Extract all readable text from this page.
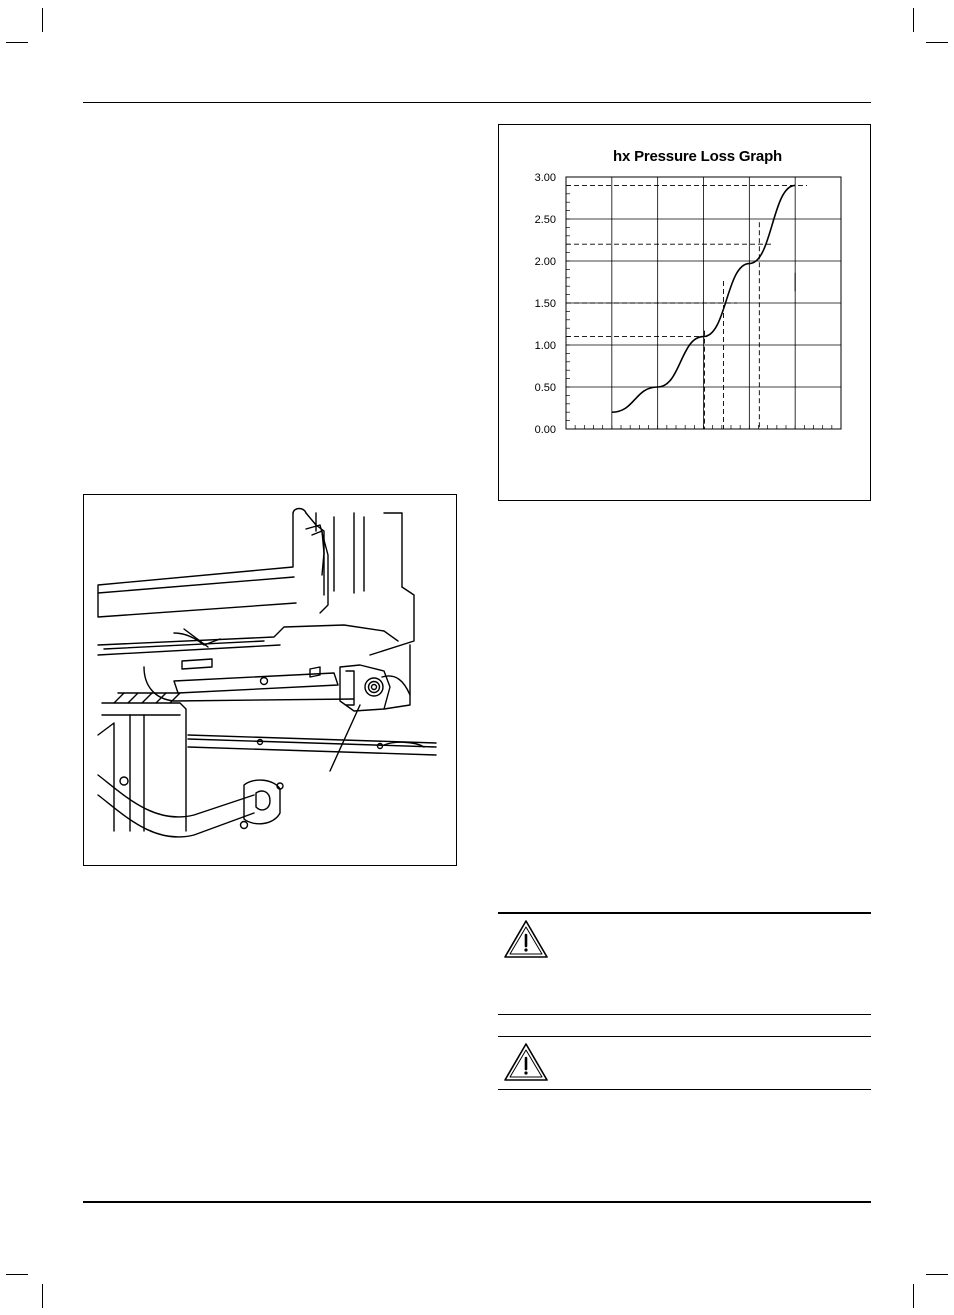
hx Pressure Loss Graph
0.00
0.50
1.00
1.50
2.00
2.50
3.00
